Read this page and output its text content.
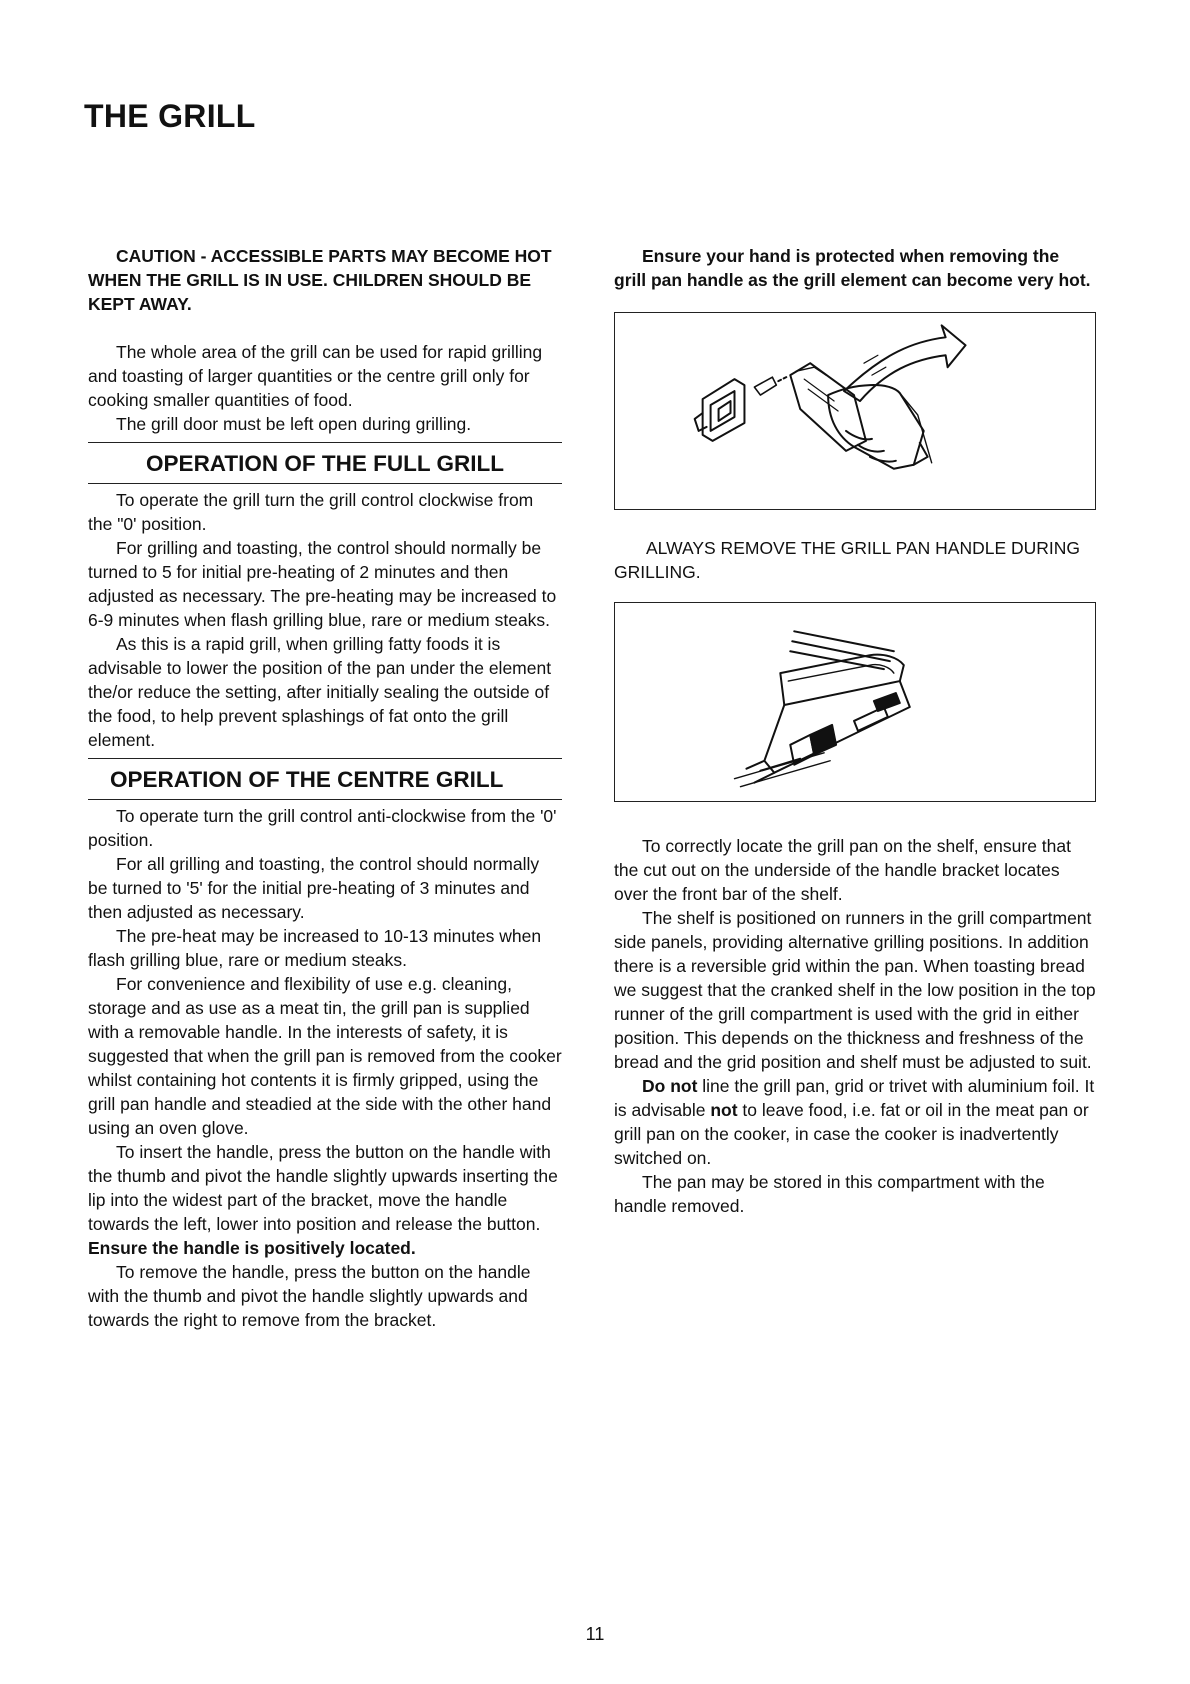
THE GRILL
CAUTION - ACCESSIBLE PARTS MAY BECOME HOT WHEN THE GRILL IS IN USE. CHILDREN SHOULD BE KEPT AWAY.

The whole area of the grill can be used for rapid grilling and toasting of larger quantities or the centre grill only for cooking smaller quantities of food.

The grill door must be left open during grilling.

OPERATION OF THE FULL GRILL

To operate the grill turn the grill control clockwise from the "0' position.

For grilling and toasting, the control should normally be turned to 5 for initial pre-heating of 2 minutes and then adjusted as necessary. The pre-heating may be increased to 6-9 minutes when flash grilling blue, rare or medium steaks.

As this is a rapid grill, when grilling fatty foods it is advisable to lower the position of the pan under the element the/or reduce the setting, after initially sealing the outside of the food, to help prevent splashings of fat onto the grill element.

OPERATION OF THE CENTRE GRILL

To operate turn the grill control anti-clockwise from the '0' position.

For all grilling and toasting, the control should normally be turned to '5' for the initial pre-heating of 3 minutes and then adjusted as necessary.

The pre-heat may be increased to 10-13 minutes when flash grilling blue, rare or medium steaks.

For convenience and flexibility of use e.g. cleaning, storage and as use as a meat tin, the grill pan is supplied with a removable handle. In the interests of safety, it is suggested that when the grill pan is removed from the cooker whilst containing hot contents it is firmly gripped, using the grill pan handle and steadied at the side with the other hand using an oven glove.

To insert the handle, press the button on the handle with the thumb and pivot the handle slightly upwards inserting the lip into the widest part of the bracket, move the handle towards the left, lower into position and release the button. Ensure the handle is positively located.

To remove the handle, press the button on the handle with the thumb and pivot the handle slightly upwards and towards the right to remove from the bracket.

Ensure your hand is protected when removing the grill pan handle as the grill element can become very hot.

ALWAYS REMOVE THE GRILL PAN HANDLE DURING GRILLING.

To correctly locate the grill pan on the shelf, ensure that the cut out on the underside of the handle bracket locates over the front bar of the shelf.

The shelf is positioned on runners in the grill compartment side panels, providing alternative grilling positions. In addition there is a reversible grid within the pan. When toasting bread we suggest that the cranked shelf in the low position in the top runner of the grill compartment is used with the grid in either position. This depends on the thickness and freshness of the bread and the grid position and shelf must be adjusted to suit.

Do not line the grill pan, grid or trivet with aluminium foil. It is advisable not to leave food, i.e. fat or oil in the meat pan or grill pan on the cooker, in case the cooker is inadvertently switched on.

The pan may be stored in this compartment with the handle removed.

11
